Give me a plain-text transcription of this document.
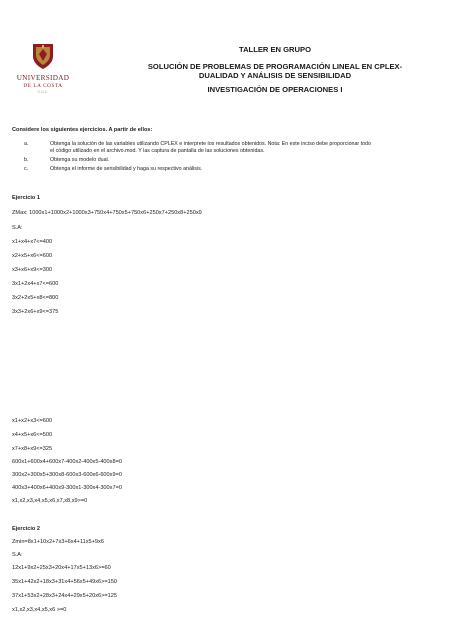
UNIVERSIDAD
DE LA COSTA
CUC
TALLER EN GRUPO
SOLUCIÓN DE PROBLEMAS DE PROGRAMACIÓN LINEAL EN CPLEX-
DUALIDAD Y ANÁLISIS DE SENSIBILIDAD
INVESTIGACIÓN DE OPERACIONES I
Considere los siguientes ejercicios. A partir de ellos:
a.	Obtenga la solución de las variables utilizando CPLEX e interprete los resultados obtenidos. Nota: En este inciso debe proporcionar todo
el código utilizado en el archivo.mod. Y las captura de pantalla de las soluciones obtenidas.
b.	Obtenga su modelo dual.
c.	Obtenga el informe de sensibilidad y haga su respectivo análisis.
Ejercicio 1
ZMax: 1000x1+1000x2+1000x3+750x4+750x5+750x6+250x7+250x8+250x9
S.A:
x1+x4+x7<=400
x2+x5+x6<=600
x3+x6+x9<=300
3x1+2x4+x7<=600
3x2+2x5+x8<=800
3x3+2x6+x9<=375
x1+x2+x3<=600
x4+x5+x6<=500
x7+x8+x9<=325
600x1+600x4+600x7-400x2-400x5-400x8=0
300x2+300x5+300x8-600x3-600x6-600x9=0
400x3+400x6+400x9-300x1-300x4-300x7=0
x1,x2,x3,x4,x5,x6,x7,x8,x9>=0
Ejercicio 2
Zmin=8x1+10x2+7x3+6x4+11x5+9x6
S.A:
12x1+9x2+25x3+20x4+17x5+13x6>=60
35x1+42x2+18x3+31x4+56x5+49x6>=150
37x1+53x2+28x3+24x4+29x5+20x6>=125
x1,x2,x3,x4,x5,x6 >=0
